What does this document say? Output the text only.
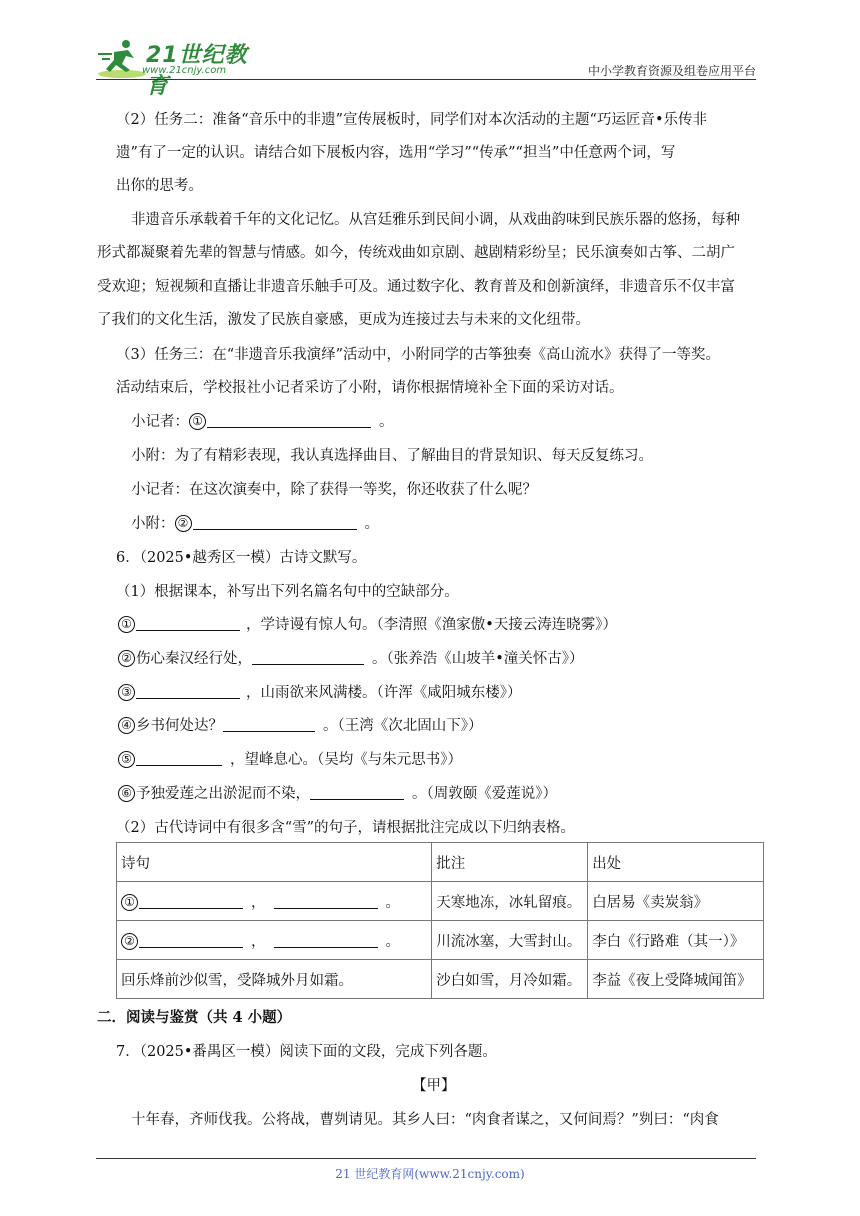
21世纪教育
www.21cnjy.com	中小学教育资源及组卷应用平台
（2）任务二：准备“音乐中的非遗”宣传展板时，同学们对本次活动的主题“巧运匠音•乐传非
遗”有了一定的认识。请结合如下展板内容，选用“学习”“传承”“担当”中任意两个词，写
出你的思考。
非遗音乐承载着千年的文化记忆。从宫廷雅乐到民间小调，从戏曲韵味到民族乐器的悠扬，每种
形式都凝聚着先辈的智慧与情感。如今，传统戏曲如京剧、越剧精彩纷呈；民乐演奏如古筝、二胡广
受欢迎；短视频和直播让非遗音乐触手可及。通过数字化、教育普及和创新演绎，非遗音乐不仅丰富
了我们的文化生活，激发了民族自豪感，更成为连接过去与未来的文化纽带。
（3）任务三：在“非遗音乐我演绎”活动中，小附同学的古筝独奏《高山流水》获得了一等奖。
活动结束后，学校报社小记者采访了小附，请你根据情境补全下面的采访对话。
小记者： ①	。
小附：为了有精彩表现，我认真选择曲目、了解曲目的背景知识、每天反复练习。
小记者：在这次演奏中，除了获得一等奖，你还收获了什么呢？
小附： ②	。
6．（2025•越秀区一模）古诗文默写。
（1）根据课本，补写出下列名篇名句中的空缺部分。
①	，学诗谩有惊人句。（李清照《渔家傲•天接云涛连晓雾》）
② 伤心秦汉经行处，	。（张养浩《山坡羊•潼关怀古》）
③	，山雨欲来风满楼。（许浑《咸阳城东楼》）
④ 乡书何处达？	。（王湾《次北固山下》）
⑤	，望峰息心。（吴均《与朱元思书》）
⑥ 予独爱莲之出淤泥而不染，	。（周敦颐《爱莲说》）
（2）古代诗词中有很多含“雪”的句子，请根据批注完成以下归纳表格。
诗句	批注	出处
① ， 。	天寒地冻，冰轧留痕。	白居易《卖炭翁》
② ， 。	川流冰塞，大雪封山。	李白《行路难（其一）》
回乐烽前沙似雪，受降城外月如霜。	沙白如雪，月冷如霜。	李益《夜上受降城闻笛》
二．阅读与鉴赏（共 4 小题）
7．（2025•番禺区一模）阅读下面的文段，完成下列各题。
【甲】
十年春，齐师伐我。公将战，曹刿请见。其乡人曰：“肉食者谋之，又何间焉？”刿曰：“肉食
21 世纪教育网(www.21cnjy.com)
